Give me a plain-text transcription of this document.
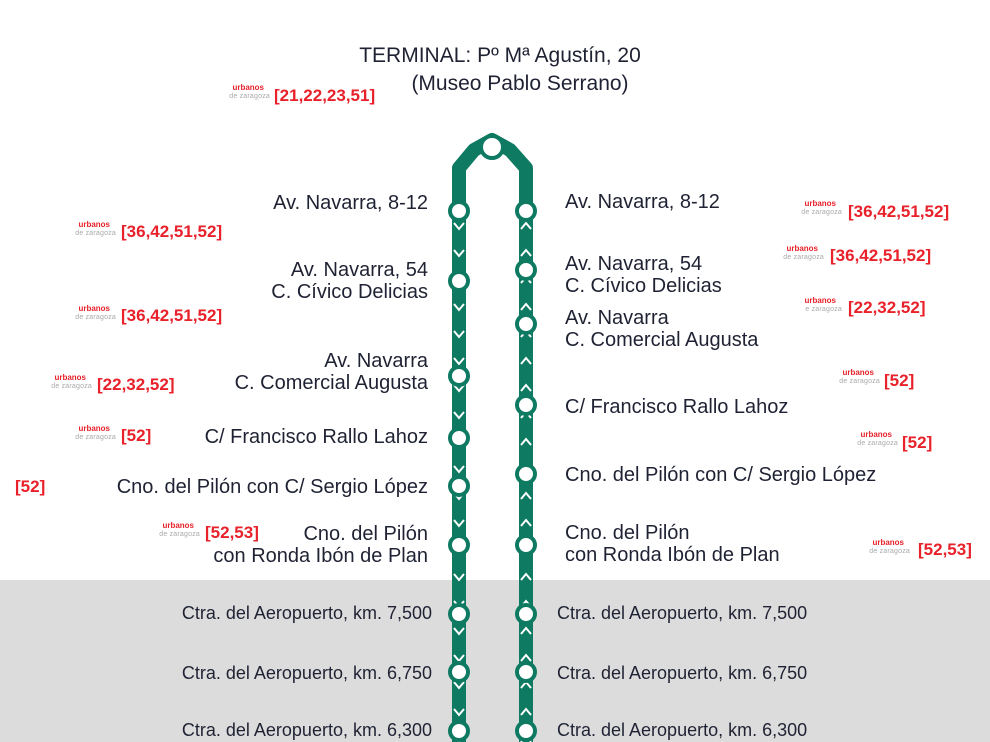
TERMINAL: Pº Mª Agustín, 20
(Museo Pablo Serrano)
urbanos
de zaragoza [21,22,23,51]
Av. Navarra, 8-12
urbanos
de zaragoza [36,42,51,52]
Av. Navarra, 54
C. Cívico Delicias
urbanos
de zaragoza [36,42,51,52]
Av. Navarra
C. Comercial Augusta
urbanos
de zaragoza [22,32,52]
C/ Francisco Rallo Lahoz
urbanos
de zaragoza [52]
Cno. del Pilón con C/ Sergio López
[52]
Cno. del Pilón
con Ronda Ibón de Plan
urbanos
de zaragoza [52,53]
Ctra. del Aeropuerto, km. 7,500
Ctra. del Aeropuerto, km. 6,750
Ctra. del Aeropuerto, km. 6,300
Av. Navarra, 8-12	urbanos
de zaragoza [36,42,51,52]
Av. Navarra, 54
C. Cívico Delicias
urbanos
de zaragoza [36,42,51,52]
Av. Navarra
C. Comercial Augusta
urbanos
e zaragoza [22,32,52]
urbanos
de zaragoza [52]
C/ Francisco Rallo Lahoz
urbanos
de zaragoza [52]
Cno. del Pilón con C/ Sergio López
Cno. del Pilón
con Ronda Ibón de Plan
urbanos
de zaragoza [52,53]
Ctra. del Aeropuerto, km. 7,500
Ctra. del Aeropuerto, km. 6,750
Ctra. del Aeropuerto, km. 6,300
